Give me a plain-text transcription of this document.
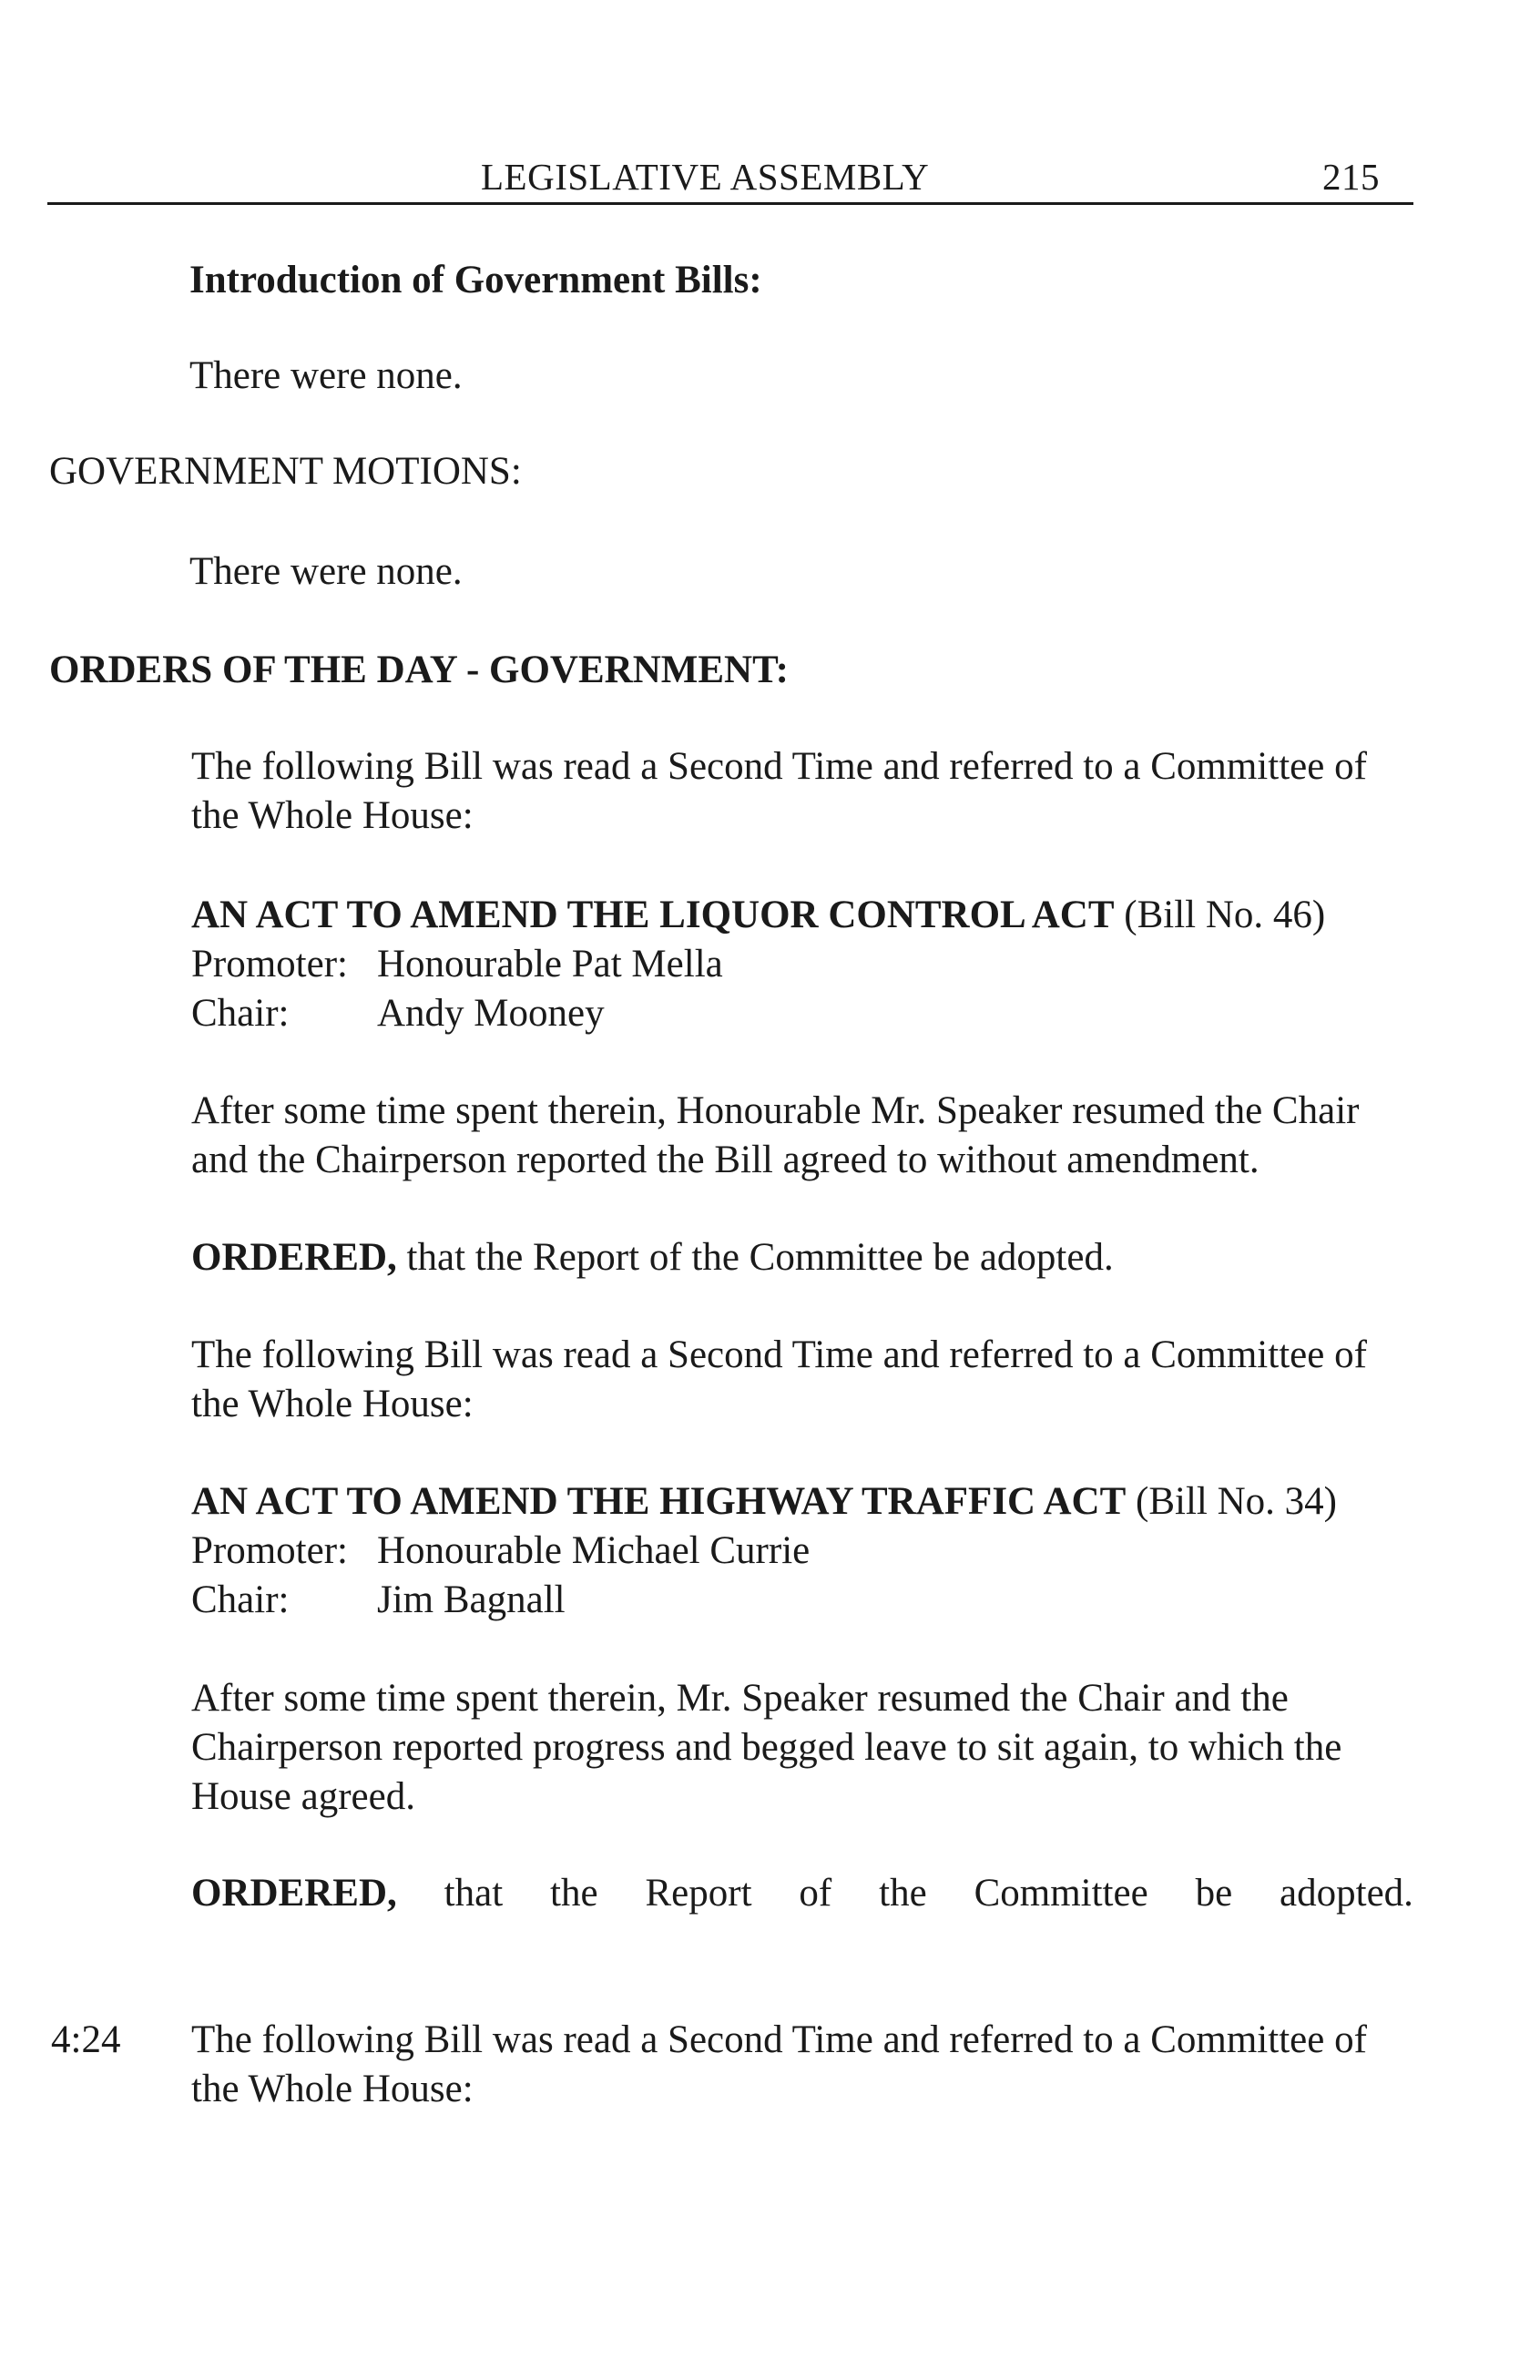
LEGISLATIVE ASSEMBLY	215
Introduction of Government Bills:
There were none.
GOVERNMENT MOTIONS:
There were none.
ORDERS OF THE DAY - GOVERNMENT:
The following Bill was read a Second Time and referred to a Committee of
the Whole House:
AN ACT TO AMEND THE LIQUOR CONTROL ACT (Bill No. 46)
Promoter: Honourable Pat Mella
Chair: Andy Mooney
After some time spent therein, Honourable Mr. Speaker resumed the Chair
and the Chairperson reported the Bill agreed to without amendment.
ORDERED, that the Report of the Committee be adopted.
The following Bill was read a Second Time and referred to a Committee of
the Whole House:
AN ACT TO AMEND THE HIGHWAY TRAFFIC ACT (Bill No. 34)
Promoter: Honourable Michael Currie
Chair: Jim Bagnall
After some time spent therein, Mr. Speaker resumed the Chair and the
Chairperson reported progress and begged leave to sit again, to which the
House agreed.
ORDERED, that the Report of the Committee be adopted.
4:24 The following Bill was read a Second Time and referred to a Committee of
the Whole House:
